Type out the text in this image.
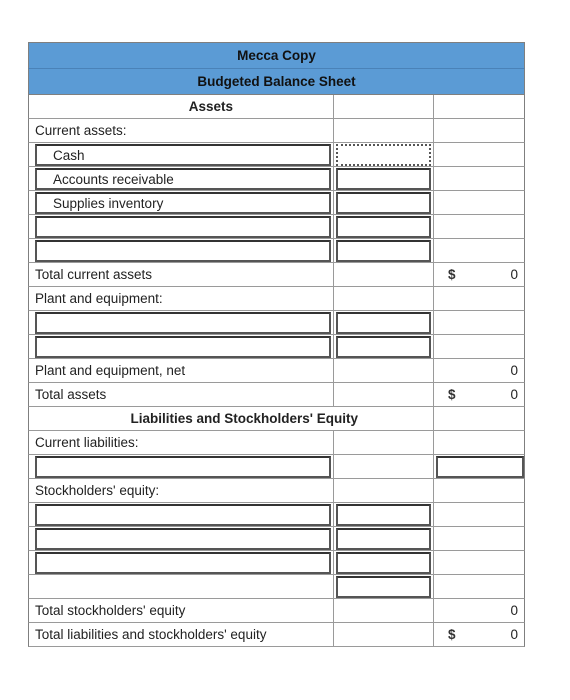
Mecca Copy
Budgeted Balance Sheet
Assets
Current assets:
Cash
Accounts receivable
Supplies inventory
Total current assets	$	0
Plant and equipment:
Plant and equipment, net	0
Total assets	$	0
Liabilities and Stockholders' Equity
Current liabilities:
Stockholders' equity:
Total stockholders' equity	0
Total liabilities and stockholders' equity	$	0
